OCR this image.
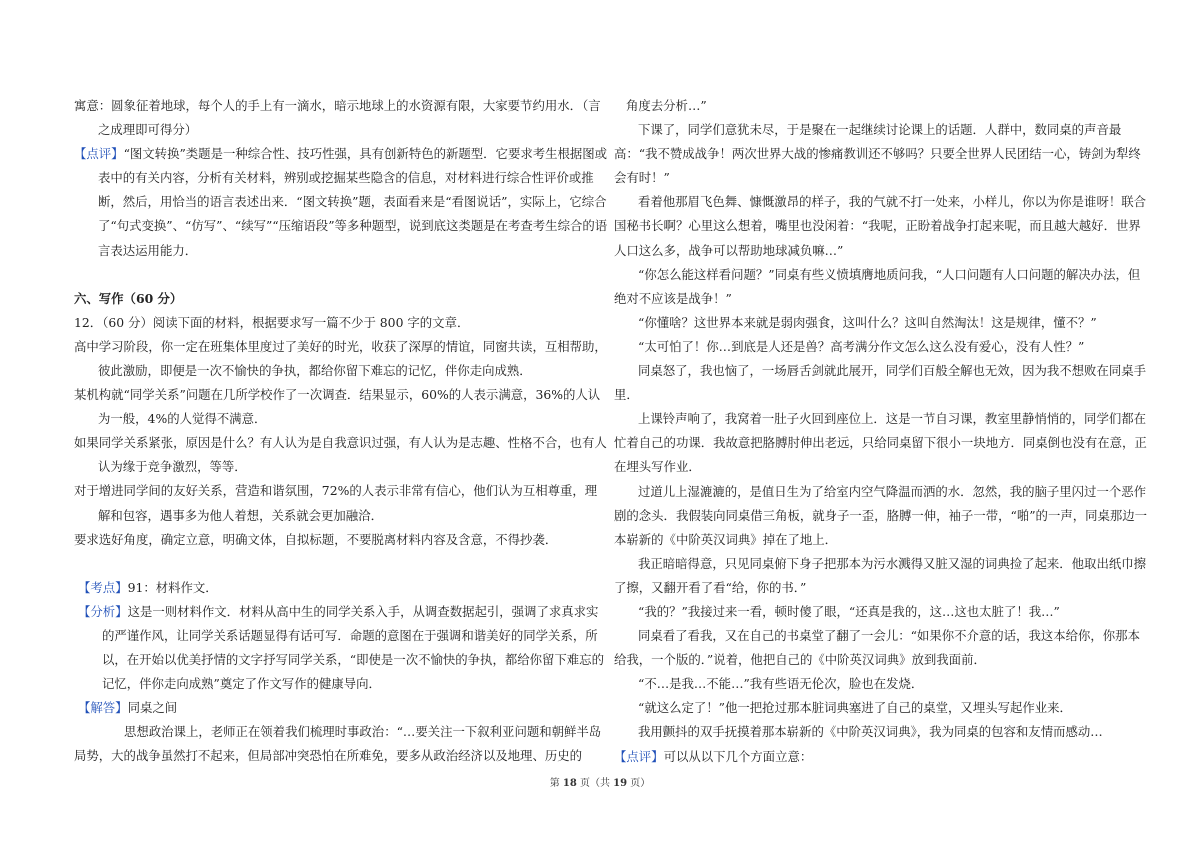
寓意：圆象征着地球，每个人的手上有一滴水，暗示地球上的水资源有限，大家要节约用水．（言之成理即可得分）

【点评】“图文转换”类题是一种综合性、技巧性强，具有创新特色的新题型．它要求考生根据图或表中的有关内容，分析有关材料，辨别或挖掘某些隐含的信息，对材料进行综合性评价或推断，然后，用恰当的语言表述出来．“图文转换”题，表面看来是“看图说话”，实际上，它综合了“句式变换”、“仿写”、“续写”“压缩语段”等多种题型，说到底这类题是在考查考生综合的语言表达运用能力．

六、写作（60 分）

12．（60 分）阅读下面的材料，根据要求写一篇不少于 800 字的文章．

高中学习阶段，你一定在班集体里度过了美好的时光，收获了深厚的情谊，同窗共读，互相帮助，彼此激励，即便是一次不愉快的争执，都给你留下难忘的记忆，伴你走向成熟．

某机构就“同学关系”问题在几所学校作了一次调查．结果显示，60%的人表示满意，36%的人认为一般，4%的人觉得不满意．

如果同学关系紧张，原因是什么？有人认为是自我意识过强，有人认为是志趣、性格不合，也有人认为缘于竞争激烈，等等．

对于增进同学间的友好关系，营造和谐氛围，72%的人表示非常有信心，他们认为互相尊重，理解和包容，遇事多为他人着想，关系就会更加融洽．

要求选好角度，确定立意，明确文体，自拟标题，不要脱离材料内容及含意，不得抄袭．

【考点】91：材料作文．

【分析】这是一则材料作文．材料从高中生的同学关系入手，从调查数据起引，强调了求真求实的严谨作风，让同学关系话题显得有话可写．命题的意图在于强调和谐美好的同学关系，所以，在开始以优美抒情的文字抒写同学关系，“即使是一次不愉快的争执，都给你留下难忘的记忆，伴你走向成熟”奠定了作文写作的健康导向．

【解答】同桌之间

思想政治课上，老师正在领着我们梳理时事政治：“…要关注一下叙利亚问题和朝鲜半岛局势，大的战争虽然打不起来，但局部冲突恐怕在所难免，要多从政治经济以及地理、历史的

角度去分析…”

下课了，同学们意犹未尽，于是聚在一起继续讨论课上的话题．人群中，数同桌的声音最高：“我不赞成战争！两次世界大战的惨痛教训还不够吗？只要全世界人民团结一心，铸剑为犁终会有时！”

看着他那眉飞色舞、慷慨激昂的样子，我的气就不打一处来，小样儿，你以为你是谁呀！联合国秘书长啊？心里这么想着，嘴里也没闲着：“我呢，正盼着战争打起来呢，而且越大越好．世界人口这么多，战争可以帮助地球减负嘛…”

“你怎么能这样看问题？”同桌有些义愤填膺地质问我，“人口问题有人口问题的解决办法，但绝对不应该是战争！”

“你懂啥？这世界本来就是弱肉强食，这叫什么？这叫自然淘汰！这是规律，懂不？”

“太可怕了！你…到底是人还是兽？高考满分作文怎么这么没有爱心，没有人性？”

同桌怒了，我也恼了，一场唇舌剑就此展开，同学们百般全解也无效，因为我不想败在同桌手里．

上课铃声响了，我窝着一肚子火回到座位上．这是一节自习课，教室里静悄悄的，同学们都在忙着自己的功课．我故意把胳膊肘伸出老远，只给同桌留下很小一块地方．同桌倒也没有在意，正在埋头写作业．

过道儿上湿漉漉的，是值日生为了给室内空气降温而洒的水．忽然，我的脑子里闪过一个恶作剧的念头．我假装向同桌借三角板，就身子一歪，胳膊一伸，袖子一带，“啪”的一声，同桌那边一本崭新的《中阶英汉词典》掉在了地上．

我正暗暗得意，只见同桌俯下身子把那本为污水溅得又脏又湿的词典捡了起来．他取出纸巾擦了擦，又翻开看了看“给，你的书．”

“我的？”我接过来一看，顿时傻了眼，“还真是我的，这…这也太脏了！我…”

同桌看了看我，又在自己的书桌堂了翻了一会儿：“如果你不介意的话，我这本给你，你那本给我，一个版的．”说着，他把自己的《中阶英汉词典》放到我面前．

“不…是我…不能…”我有些语无伦次，脸也在发烧．

“就这么定了！”他一把抢过那本脏词典塞进了自己的桌堂，又埋头写起作业来．

我用颤抖的双手抚摸着那本崭新的《中阶英汉词典》，我为同桌的包容和友情而感动…

【点评】可以从以下几个方面立意：

第 18 页（共 19 页）
